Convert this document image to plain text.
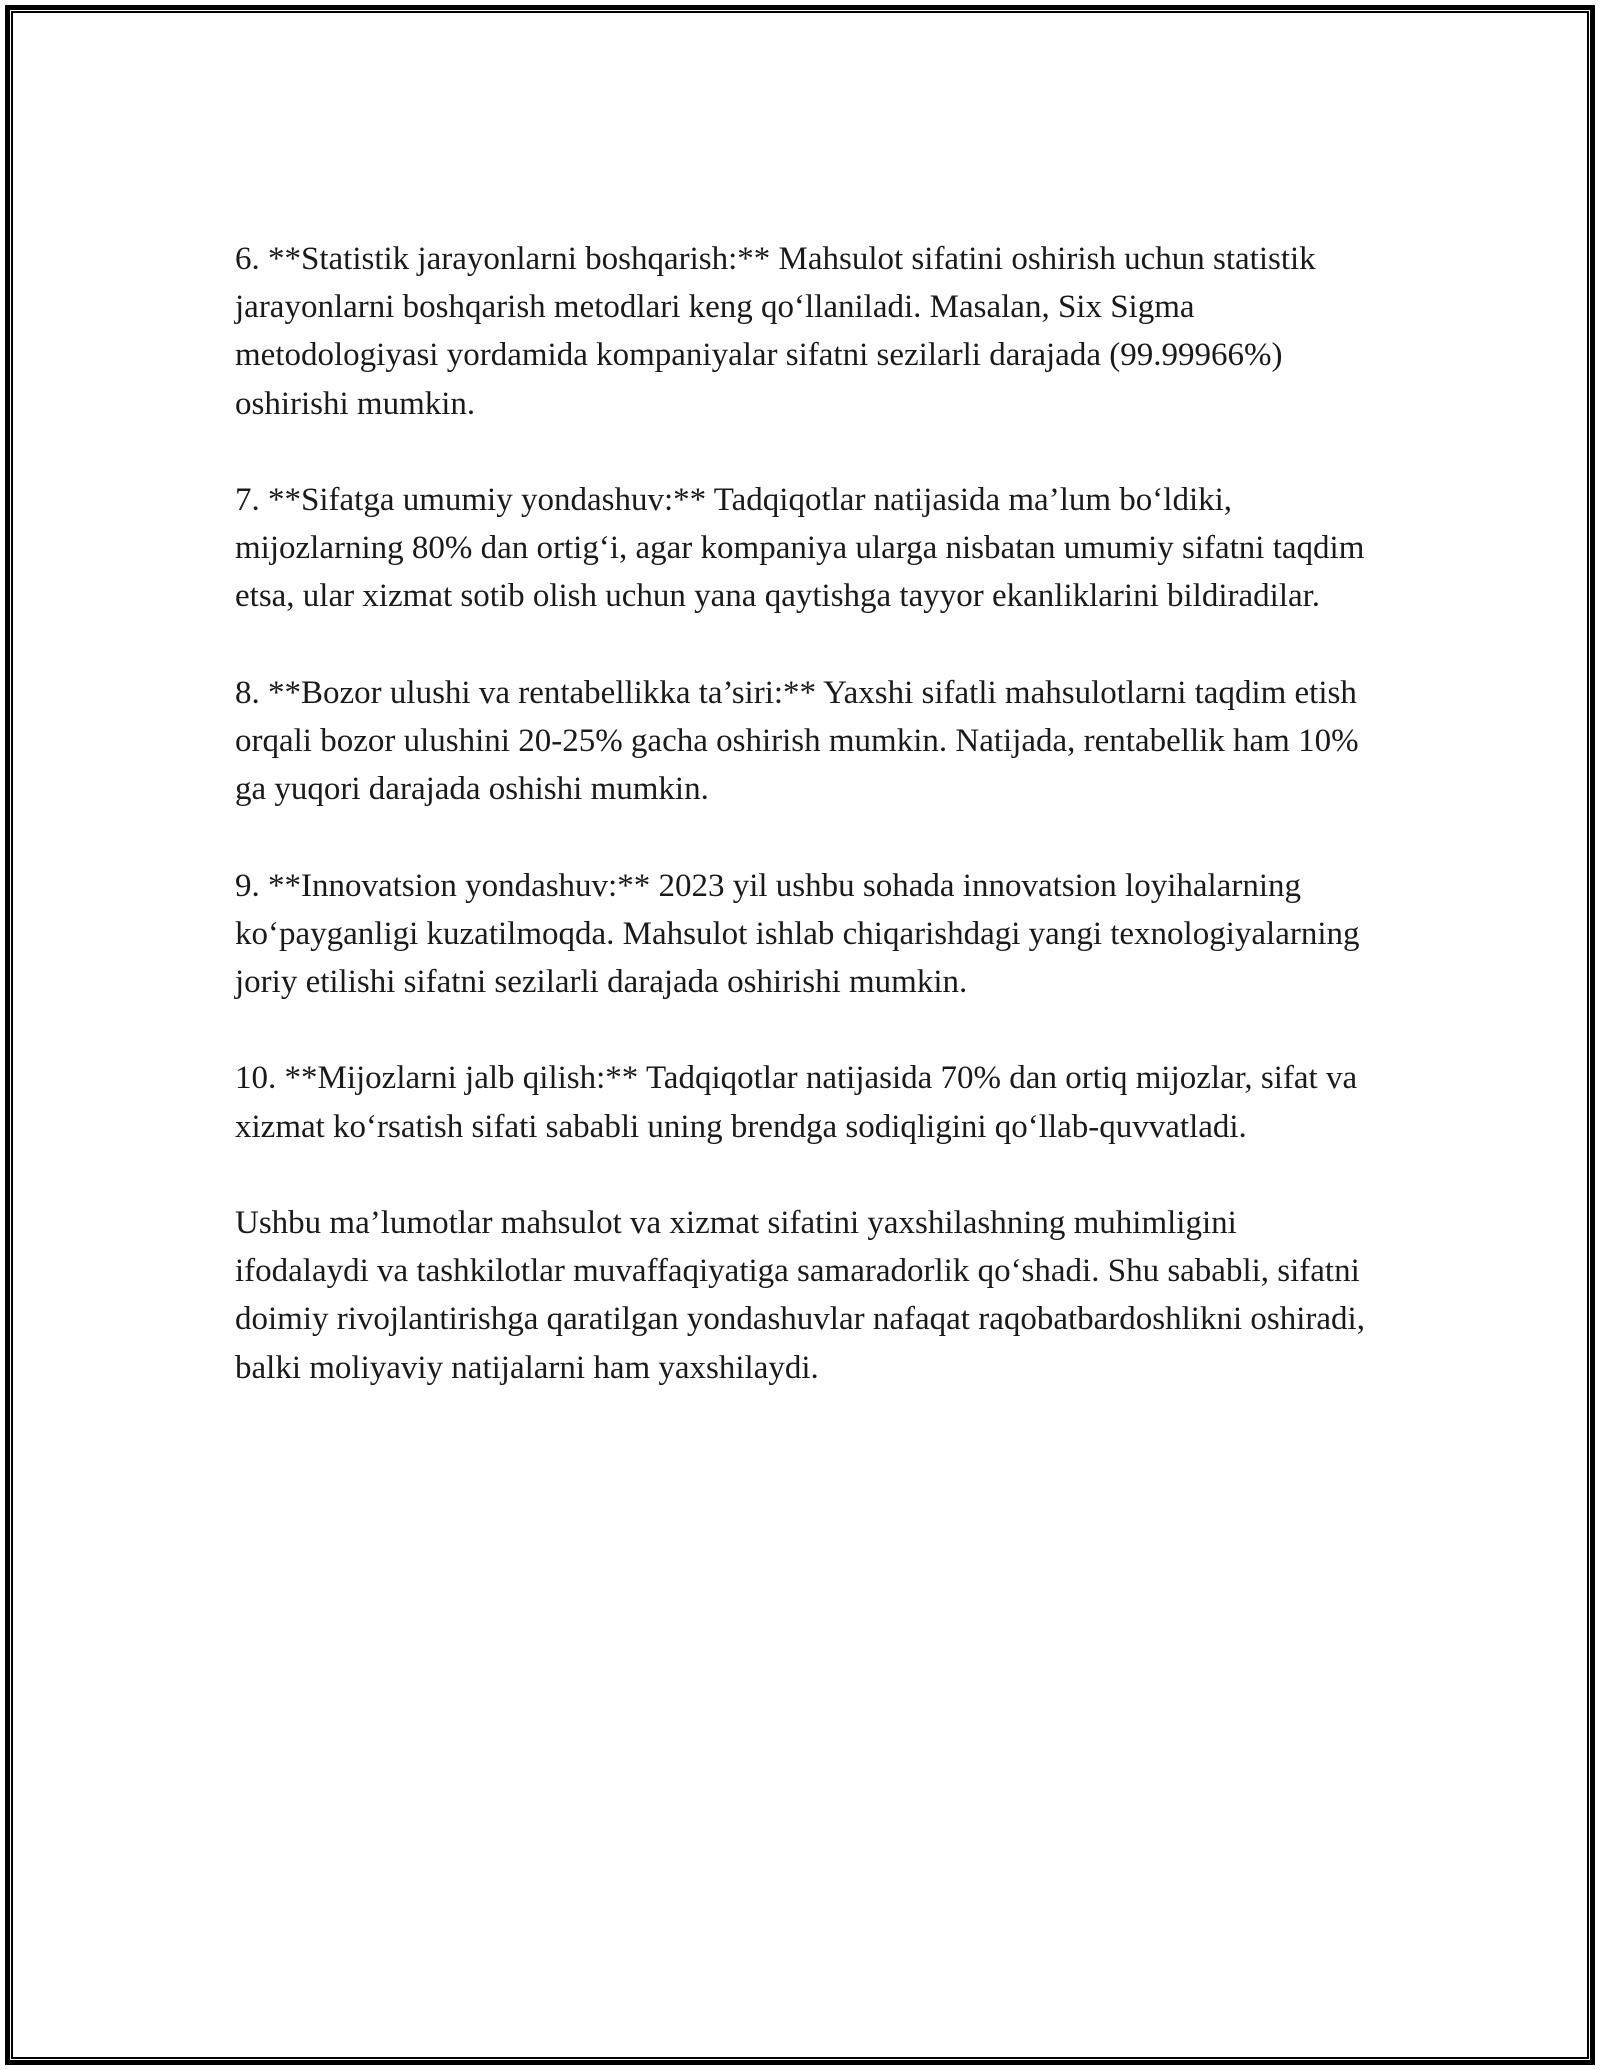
6. **Statistik jarayonlarni boshqarish:** Mahsulot sifatini oshirish uchun statistik jarayonlarni boshqarish metodlari keng qo‘llaniladi. Masalan, Six Sigma metodologiyasi yordamida kompaniyalar sifatni sezilarli darajada (99.99966%) oshirishi mumkin.

7. **Sifatga umumiy yondashuv:** Tadqiqotlar natijasida ma’lum bo‘ldiki, mijozlarning 80% dan ortig‘i, agar kompaniya ularga nisbatan umumiy sifatni taqdim etsa, ular xizmat sotib olish uchun yana qaytishga tayyor ekanliklarini bildiradilar.

8. **Bozor ulushi va rentabellikka ta’siri:** Yaxshi sifatli mahsulotlarni taqdim etish orqali bozor ulushini 20-25% gacha oshirish mumkin. Natijada, rentabellik ham 10% ga yuqori darajada oshishi mumkin.

9. **Innovatsion yondashuv:** 2023 yil ushbu sohada innovatsion loyihalarning ko‘payganligi kuzatilmoqda. Mahsulot ishlab chiqarishdagi yangi texnologiyalarning joriy etilishi sifatni sezilarli darajada oshirishi mumkin.

10. **Mijozlarni jalb qilish:** Tadqiqotlar natijasida 70% dan ortiq mijozlar, sifat va xizmat ko‘rsatish sifati sababli uning brendga sodiqligini qo‘llab-quvvatladi.

Ushbu ma’lumotlar mahsulot va xizmat sifatini yaxshilashning muhimligini ifodalaydi va tashkilotlar muvaffaqiyatiga samaradorlik qo‘shadi. Shu sababli, sifatni doimiy rivojlantirishga qaratilgan yondashuvlar nafaqat raqobatbardoshlikni oshiradi, balki moliyaviy natijalarni ham yaxshilaydi.
